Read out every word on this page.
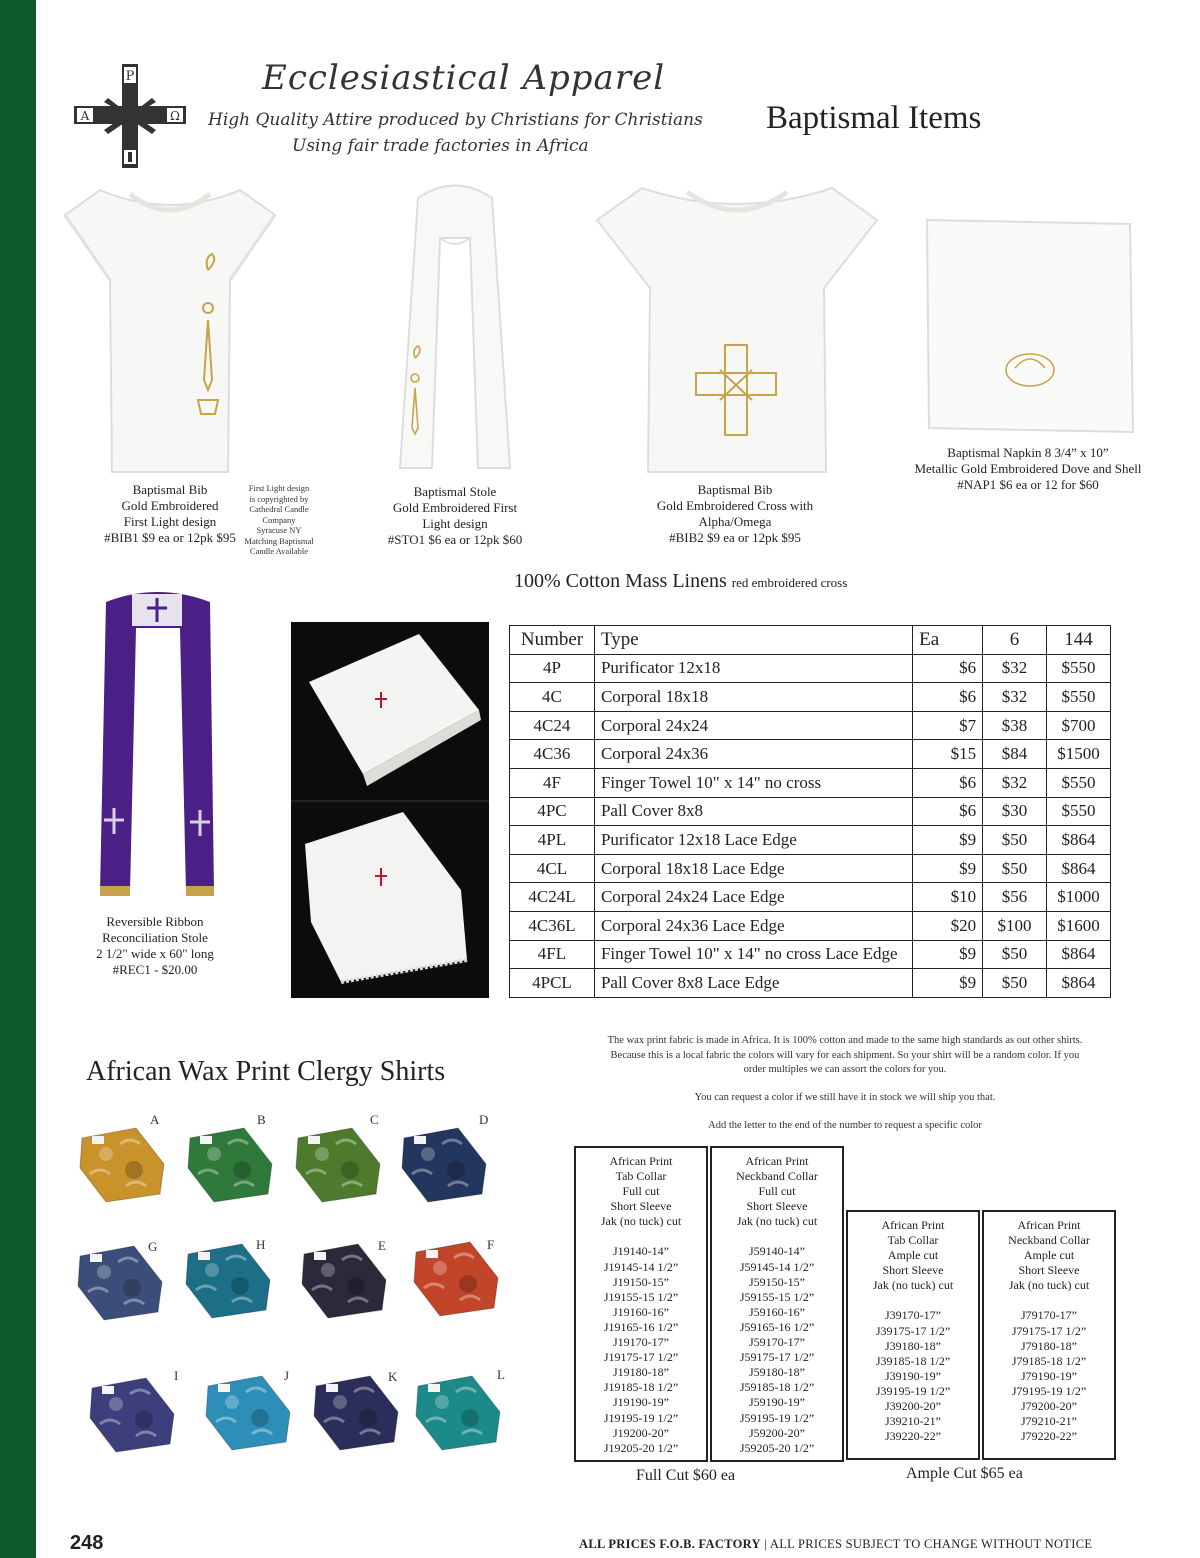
P
A	Ω
Ecclesiastical Apparel
High Quality Attire produced by Christians for Christians
Using fair trade factories in Africa
Baptismal Items
Baptismal Bib
Gold Embroidered
First Light design
#BIB1 $9 ea or 12pk $95
First Light design
is copyrighted by
Cathedral Candle
Company
Syracuse NY
Matching Baptismal
Candle Available
Baptismal Stole
Gold Embroidered First
Light design
#STO1 $6 ea or 12pk $60
Baptismal Bib
Gold Embroidered Cross with
Alpha/Omega
#BIB2 $9 ea or 12pk $95
Baptismal Napkin 8 3/4” x 10”
Metallic Gold Embroidered Dove and Shell
#NAP1 $6 ea or 12 for $60
Reversible Ribbon
Reconciliation Stole
2 1/2" wide x 60" long
#REC1 - $20.00
100% Cotton Mass Linens red embroidered cross
Number	Type	Ea	6	144
4P	Purificator 12x18	$6	$32	$550
4C	Corporal 18x18	$6	$32	$550
4C24	Corporal 24x24	$7	$38	$700
4C36	Corporal 24x36	$15	$84	$1500
4F	Finger Towel 10" x 14" no cross	$6	$32	$550
4PC	Pall Cover 8x8	$6	$30	$550
4PL	Purificator 12x18 Lace Edge	$9	$50	$864
4CL	Corporal 18x18 Lace Edge	$9	$50	$864
4C24L	Corporal 24x24 Lace Edge	$10	$56	$1000
4C36L	Corporal 24x36 Lace Edge	$20	$100	$1600
4FL	Finger Towel 10" x 14" no cross Lace Edge	$9	$50	$864
4PCL	Pall Cover 8x8 Lace Edge	$9	$50	$864
African Wax Print Clergy Shirts
The wax print fabric is made in Africa. It is 100% cotton and made to the same high standards as out other shirts.
Because this is a local fabric the colors will vary for each shipment. So your shirt will be a random color. If you
order multiples we can assort the colors for you.
You can request a color if we still have it in stock we will ship you that.
Add the letter to the end of the number to request a specific color
A	B	C	D
G	H	E	F
I	J	K	L
African Print
Tab Collar
Full cut
Short Sleeve
Jak (no tuck) cut
J19140-14”
J19145-14 1/2”
J19150-15”
J19155-15 1/2”
J19160-16”
J19165-16 1/2”
J19170-17”
J19175-17 1/2”
J19180-18”
J19185-18 1/2”
J19190-19”
J19195-19 1/2”
J19200-20”
J19205-20 1/2”
African Print
Neckband Collar
Full cut
Short Sleeve
Jak (no tuck) cut
J59140-14”
J59145-14 1/2”
J59150-15”
J59155-15 1/2”
J59160-16”
J59165-16 1/2”
J59170-17”
J59175-17 1/2”
J59180-18”
J59185-18 1/2”
J59190-19”
J59195-19 1/2”
J59200-20”
J59205-20 1/2”
African Print
Tab Collar
Ample cut
Short Sleeve
Jak (no tuck) cut
J39170-17”
J39175-17 1/2”
J39180-18”
J39185-18 1/2”
J39190-19”
J39195-19 1/2”
J39200-20”
J39210-21”
J39220-22”
African Print
Neckband Collar
Ample cut
Short Sleeve
Jak (no tuck) cut
J79170-17”
J79175-17 1/2”
J79180-18”
J79185-18 1/2”
J79190-19”
J79195-19 1/2”
J79200-20”
J79210-21”
J79220-22”
Full Cut $60 ea	Ample Cut $65 ea
248	ALL PRICES F.O.B. FACTORY | ALL PRICES SUBJECT TO CHANGE WITHOUT NOTICE
